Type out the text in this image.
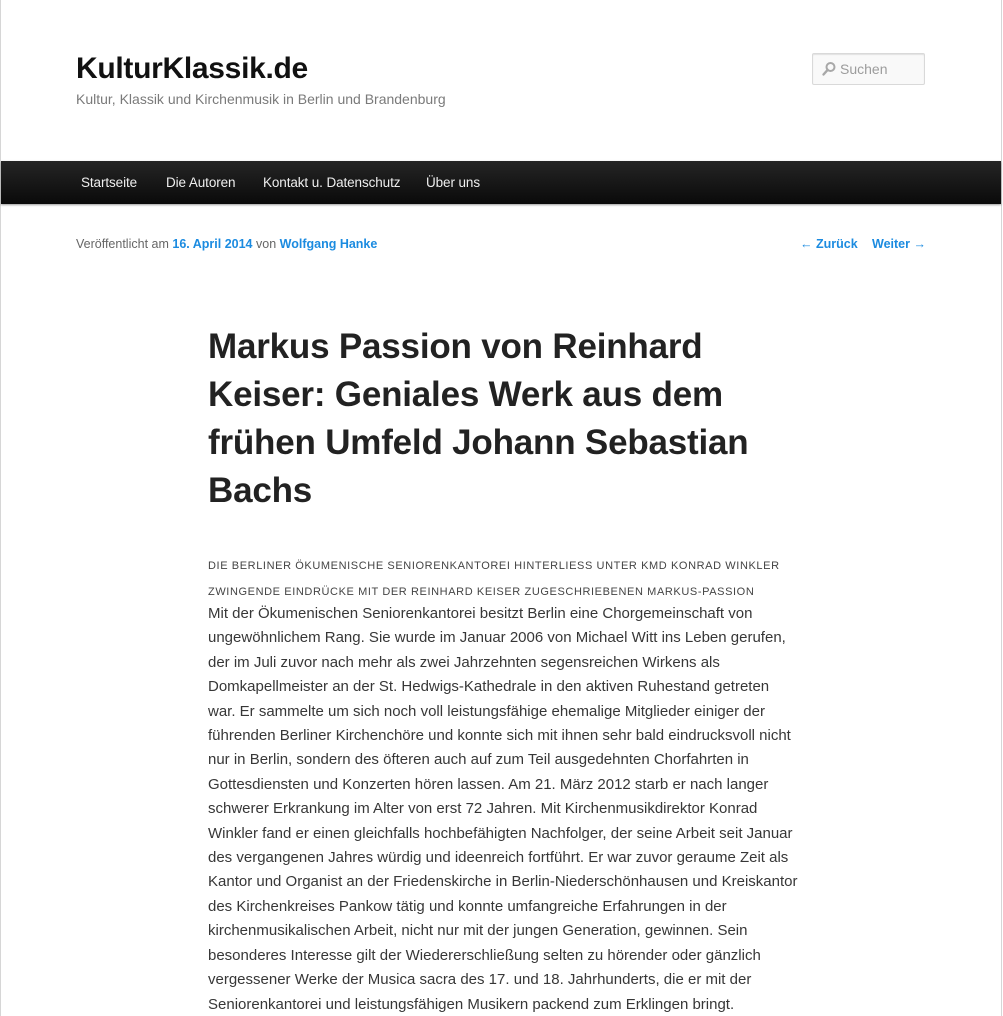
KulturKlassik.de
Kultur, Klassik und Kirchenmusik in Berlin und Brandenburg
Suchen
Startseite Die Autoren Kontakt u. Datenschutz Über uns
Veröffentlicht am 16. April 2014 von Wolfgang Hanke	← Zurück Weiter →
Markus Passion von Reinhard Keiser: Geniales Werk aus dem frühen Umfeld Johann Sebastian Bachs
DIE BERLINER ÖKUMENISCHE SENIORENKANTOREI HINTERLIESS UNTER KMD KONRAD WINKLER ZWINGENDE EINDRÜCKE MIT DER REINHARD KEISER ZUGESCHRIEBENEN MARKUS-PASSION

Mit der Ökumenischen Seniorenkantorei besitzt Berlin eine Chorgemeinschaft von ungewöhnlichem Rang. Sie wurde im Januar 2006 von Michael Witt ins Leben gerufen, der im Juli zuvor nach mehr als zwei Jahrzehnten segensreichen Wirkens als Domkapellmeister an der St. Hedwigs-Kathedrale in den aktiven Ruhestand getreten war. Er sammelte um sich noch voll leistungsfähige ehemalige Mitglieder einiger der führenden Berliner Kirchenchöre und konnte sich mit ihnen sehr bald eindrucksvoll nicht nur in Berlin, sondern des öfteren auch auf zum Teil ausgedehnten Chorfahrten in Gottesdiensten und Konzerten hören lassen. Am 21. März 2012 starb er nach langer schwerer Erkrankung im Alter von erst 72 Jahren. Mit Kirchenmusikdirektor Konrad Winkler fand er einen gleichfalls hochbefähigten Nachfolger, der seine Arbeit seit Januar des vergangenen Jahres würdig und ideenreich fortführt. Er war zuvor geraume Zeit als Kantor und Organist an der Friedenskirche in Berlin-Niederschönhausen und Kreiskantor des Kirchenkreises Pankow tätig und konnte umfangreiche Erfahrungen in der kirchenmusikalischen Arbeit, nicht nur mit der jungen Generation, gewinnen. Sein besonderes Interesse gilt der Wiedererschließung selten zu hörender oder gänzlich vergessener Werke der Musica sacra des 17. und 18. Jahrhunderts, die er mit der Seniorenkantorei und leistungsfähigen Musikern packend zum Erklingen bringt.
